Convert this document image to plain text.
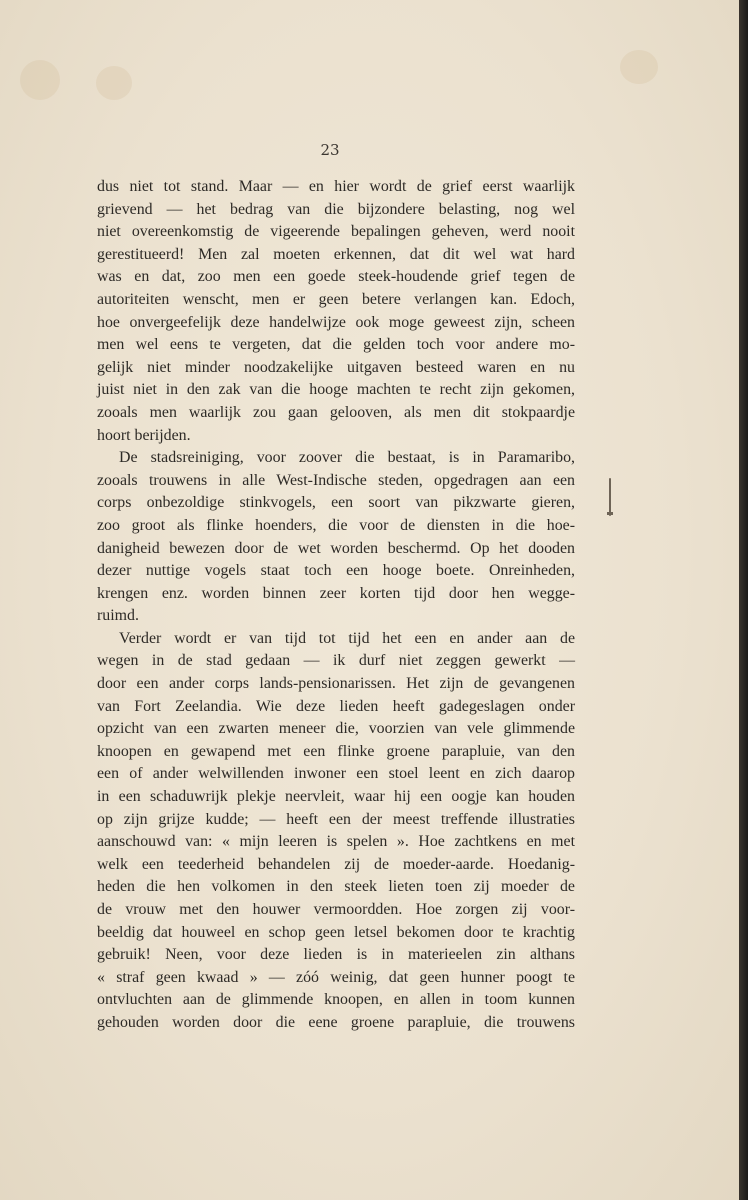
23
dus niet tot stand. Maar — en hier wordt de grief eerst waarlijk
grievend — het bedrag van die bijzondere belasting, nog wel
niet overeenkomstig de vigeerende bepalingen geheven, werd nooit
gerestitueerd! Men zal moeten erkennen, dat dit wel wat hard
was en dat, zoo men een goede steek-houdende grief tegen de
autoriteiten wenscht, men er geen betere verlangen kan. Edoch,
hoe onvergeefelijk deze handelwijze ook moge geweest zijn, scheen
men wel eens te vergeten, dat die gelden toch voor andere mo-
gelijk niet minder noodzakelijke uitgaven besteed waren en nu
juist niet in den zak van die hooge machten te recht zijn gekomen,
zooals men waarlijk zou gaan gelooven, als men dit stokpaardje
hoort berijden.
De stadsreiniging, voor zoover die bestaat, is in Paramaribo,
zooals trouwens in alle West-Indische steden, opgedragen aan een
corps onbezoldige stinkvogels, een soort van pikzwarte gieren,
zoo groot als flinke hoenders, die voor de diensten in die hoe-
danigheid bewezen door de wet worden beschermd. Op het dooden
dezer nuttige vogels staat toch een hooge boete. Onreinheden,
krengen enz. worden binnen zeer korten tijd door hen wegge-
ruimd.
Verder wordt er van tijd tot tijd het een en ander aan de
wegen in de stad gedaan — ik durf niet zeggen gewerkt —
door een ander corps lands-pensionarissen. Het zijn de gevangenen
van Fort Zeelandia. Wie deze lieden heeft gadegeslagen onder
opzicht van een zwarten meneer die, voorzien van vele glimmende
knoopen en gewapend met een flinke groene parapluie, van den
een of ander welwillenden inwoner een stoel leent en zich daarop
in een schaduwrijk plekje neervleit, waar hij een oogje kan houden
op zijn grijze kudde; — heeft een der meest treffende illustraties
aanschouwd van: « mijn leeren is spelen ». Hoe zachtkens en met
welk een teederheid behandelen zij de moeder-aarde. Hoedanig-
heden die hen volkomen in den steek lieten toen zij moeder de
de vrouw met den houwer vermoordden. Hoe zorgen zij voor-
beeldig dat houweel en schop geen letsel bekomen door te krachtig
gebruik! Neen, voor deze lieden is in materieelen zin althans
« straf geen kwaad » — zóó weinig, dat geen hunner poogt te
ontvluchten aan de glimmende knoopen, en allen in toom kunnen
gehouden worden door die eene groene parapluie, die trouwens
